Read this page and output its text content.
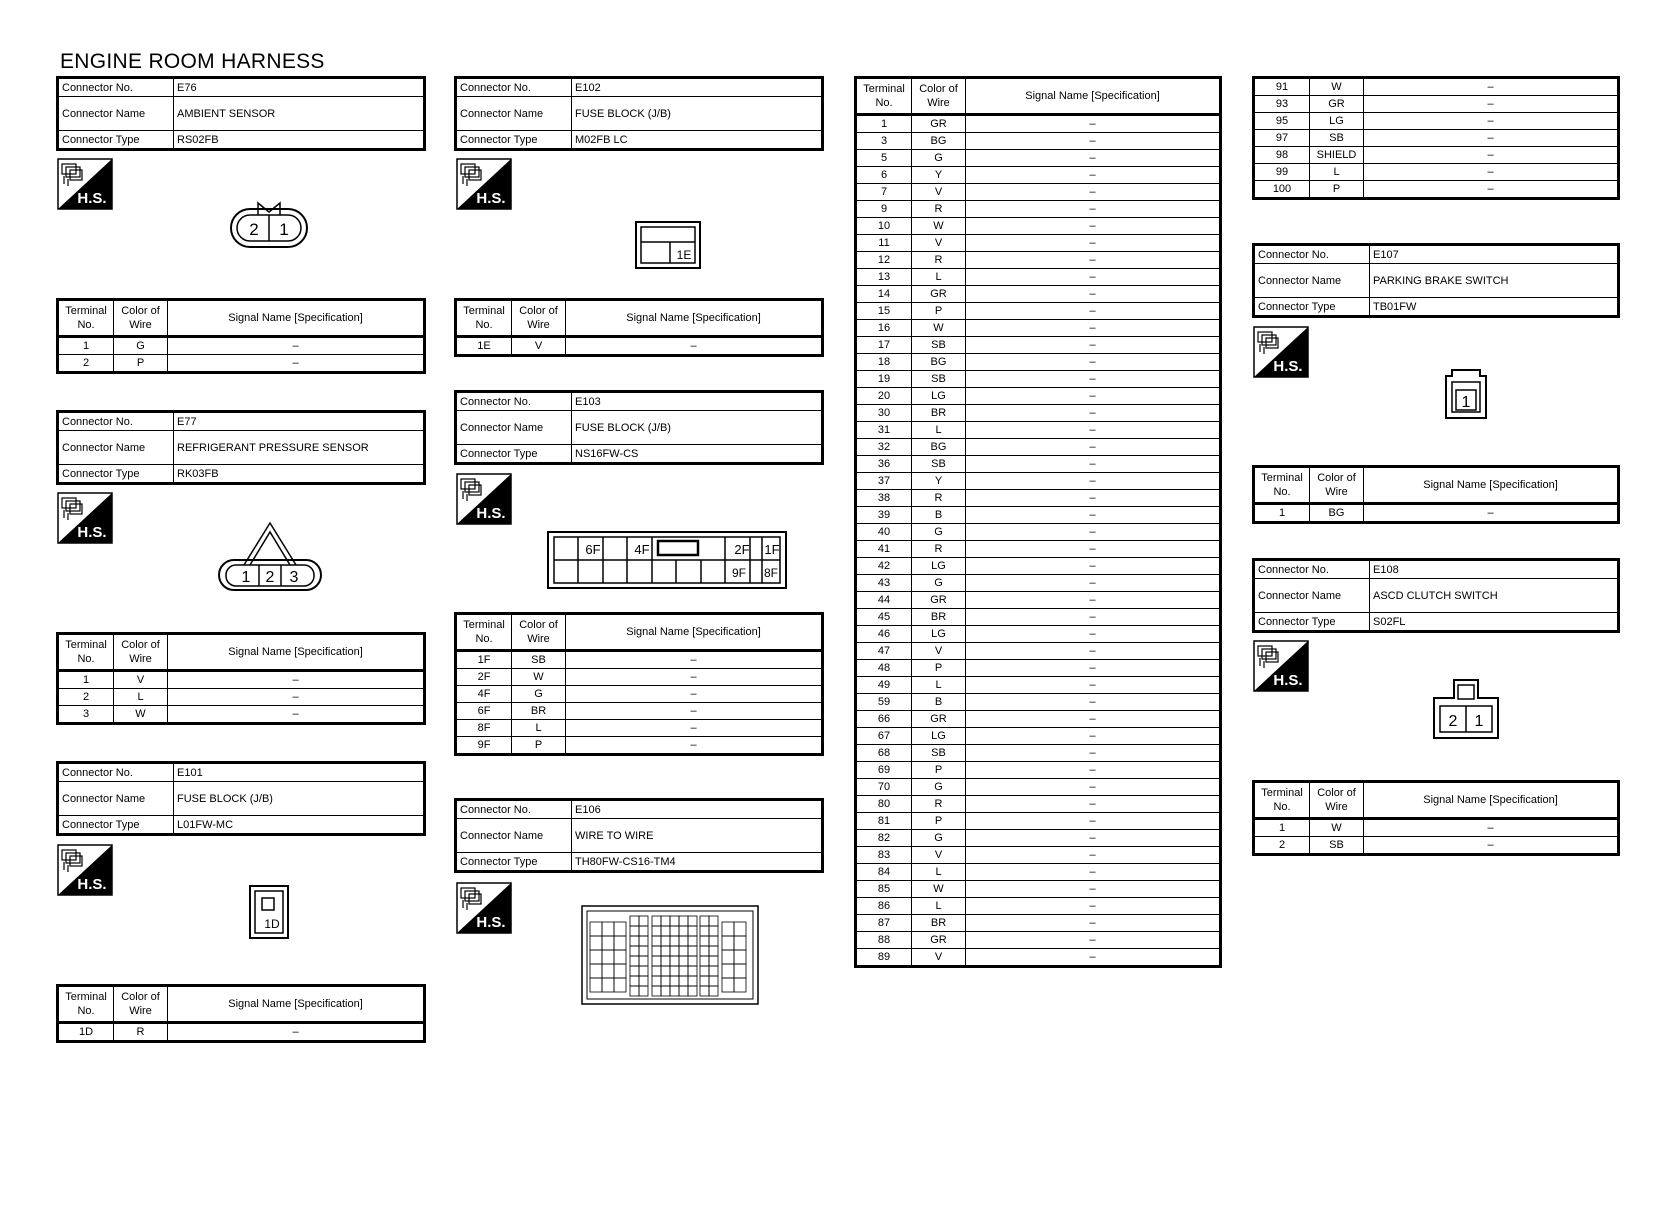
ENGINE ROOM HARNESS
Connector No.	E76
Connector Name	AMBIENT SENSOR
Connector Type	RS02FB
H.S.
2 1
Terminal No.	Color of Wire	Signal Name [Specification]
1	G	–
2	P	–
Connector No.	E77
Connector Name	REFRIGERANT PRESSURE SENSOR
Connector Type	RK03FB
H.S.
1 2 3
Terminal No.	Color of Wire	Signal Name [Specification]
1	V	–
2	L	–
3	W	–
Connector No.	E101
Connector Name	FUSE BLOCK (J/B)
Connector Type	L01FW-MC
H.S.
1D
Terminal No.	Color of Wire	Signal Name [Specification]
1D	R	–
Connector No.	E102
Connector Name	FUSE BLOCK (J/B)
Connector Type	M02FB LC
H.S.
1E
Terminal No.	Color of Wire	Signal Name [Specification]
1E	V	–
Connector No.	E103
Connector Name	FUSE BLOCK (J/B)
Connector Type	NS16FW-CS
H.S.
6F	4F	2F 1F
9F 8F
Terminal No.	Color of Wire	Signal Name [Specification]
1F	SB	–
2F	W	–
4F	G	–
6F	BR	–
8F	L	–
9F	P	–
Connector No.	E106
Connector Name	WIRE TO WIRE
Connector Type	TH80FW-CS16-TM4
H.S.
Terminal No.	Color of Wire	Signal Name [Specification]
1	GR	–
3	BG	–
5	G	–
6	Y	–
7	V	–
9	R	–
10	W	–
11	V	–
12	R	–
13	L	–
14	GR	–
15	P	–
16	W	–
17	SB	–
18	BG	–
19	SB	–
20	LG	–
30	BR	–
31	L	–
32	BG	–
36	SB	–
37	Y	–
38	R	–
39	B	–
40	G	–
41	R	–
42	LG	–
43	G	–
44	GR	–
45	BR	–
46	LG	–
47	V	–
48	P	–
49	L	–
59	B	–
66	GR	–
67	LG	–
68	SB	–
69	P	–
70	G	–
80	R	–
81	P	–
82	G	–
83	V	–
84	L	–
85	W	–
86	L	–
87	BR	–
88	GR	–
89	V	–
91	W	–
93	GR	–
95	LG	–
97	SB	–
98	SHIELD	–
99	L	–
100	P	–
Connector No.	E107
Connector Name	PARKING BRAKE SWITCH
Connector Type	TB01FW
H.S.
1
Terminal No.	Color of Wire	Signal Name [Specification]
1	BG	–
Connector No.	E108
Connector Name	ASCD CLUTCH SWITCH
Connector Type	S02FL
H.S.
2 1
Terminal No.	Color of Wire	Signal Name [Specification]
1	W	–
2	SB	–
